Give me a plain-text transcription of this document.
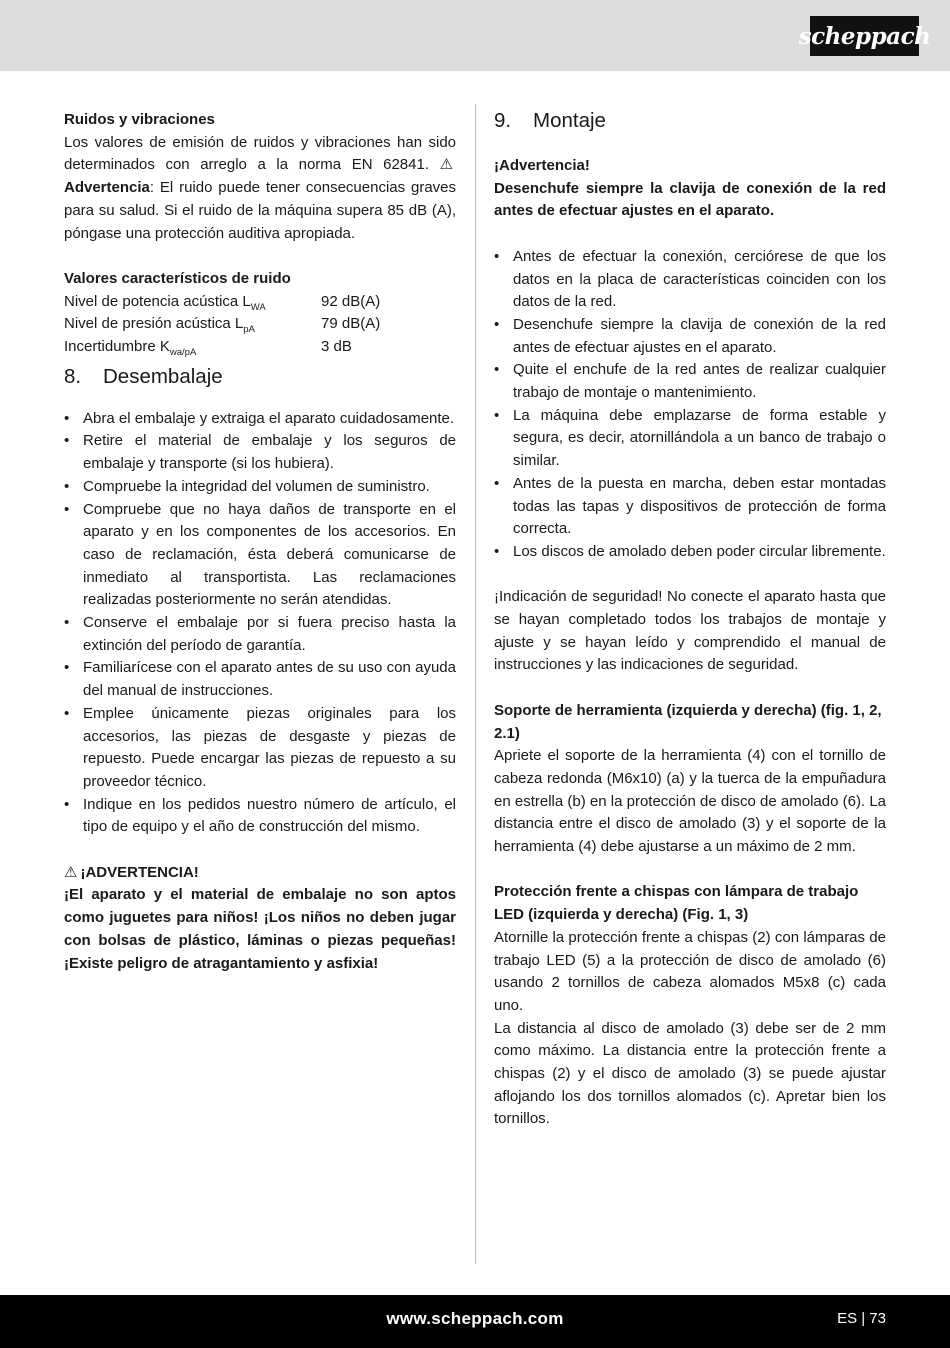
scheppach
Ruidos y vibraciones
Los valores de emisión de ruidos y vibraciones han sido determinados con arreglo a la norma EN 62841. ⚠Advertencia: El ruido puede tener consecuencias graves para su salud. Si el ruido de la máquina supera 85 dB (A), póngase una protección auditiva apropiada.
Valores característicos de ruido
Nivel de potencia acústica $L_{WA}$	92 dB(A)
Nivel de presión acústica $L_{pA}$	79 dB(A)
Incertidumbre $K_{wa/pA}$	3 dB
8.	Desembalaje
• Abra el embalaje y extraiga el aparato cuidadosamente.
• Retire el material de embalaje y los seguros de embalaje y transporte (si los hubiera).
• Compruebe la integridad del volumen de suministro.
• Compruebe que no haya daños de transporte en el aparato y en los componentes de los accesorios. En caso de reclamación, ésta deberá comunicarse de inmediato al transportista. Las reclamaciones realizadas posteriormente no serán atendidas.
• Conserve el embalaje por si fuera preciso hasta la extinción del período de garantía.
• Familiarícese con el aparato antes de su uso con ayuda del manual de instrucciones.
• Emplee únicamente piezas originales para los accesorios, las piezas de desgaste y piezas de repuesto. Puede encargar las piezas de repuesto a su proveedor técnico.
• Indique en los pedidos nuestro número de artículo, el tipo de equipo y el año de construcción del mismo.
⚠ ¡ADVERTENCIA!
¡El aparato y el material de embalaje no son aptos como juguetes para niños! ¡Los niños no deben jugar con bolsas de plástico, láminas o piezas pequeñas! ¡Existe peligro de atragantamiento y asfixia!
9.	Montaje
¡Advertencia!
Desenchufe siempre la clavija de conexión de la red antes de efectuar ajustes en el aparato.
• Antes de efectuar la conexión, cerciórese de que los datos en la placa de características coinciden con los datos de la red.
• Desenchufe siempre la clavija de conexión de la red antes de efectuar ajustes en el aparato.
• Quite el enchufe de la red antes de realizar cualquier trabajo de montaje o mantenimiento.
• La máquina debe emplazarse de forma estable y segura, es decir, atornillándola a un banco de trabajo o similar.
• Antes de la puesta en marcha, deben estar montadas todas las tapas y dispositivos de protección de forma correcta.
• Los discos de amolado deben poder circular libremente.
¡Indicación de seguridad! No conecte el aparato hasta que se hayan completado todos los trabajos de montaje y ajuste y se hayan leído y comprendido el manual de instrucciones y las indicaciones de seguridad.
Soporte de herramienta (izquierda y derecha) (fig. 1, 2, 2.1)
Apriete el soporte de la herramienta (4) con el tornillo de cabeza redonda (M6x10) (a) y la tuerca de la empuñadura en estrella (b) en la protección de disco de amolado (6). La distancia entre el disco de amolado (3) y el soporte de la herramienta (4) debe ajustarse a un máximo de 2 mm.
Protección frente a chispas con lámpara de trabajo LED (izquierda y derecha) (Fig. 1, 3)
Atornille la protección frente a chispas (2) con lámparas de trabajo LED (5) a la protección de disco de amolado (6) usando 2 tornillos de cabeza alomados M5x8 (c) cada uno.
La distancia al disco de amolado (3) debe ser de 2 mm como máximo. La distancia entre la protección frente a chispas (2) y el disco de amolado (3) se puede ajustar aflojando los dos tornillos alomados (c). Apretar bien los tornillos.
www.scheppach.com	ES | 73
